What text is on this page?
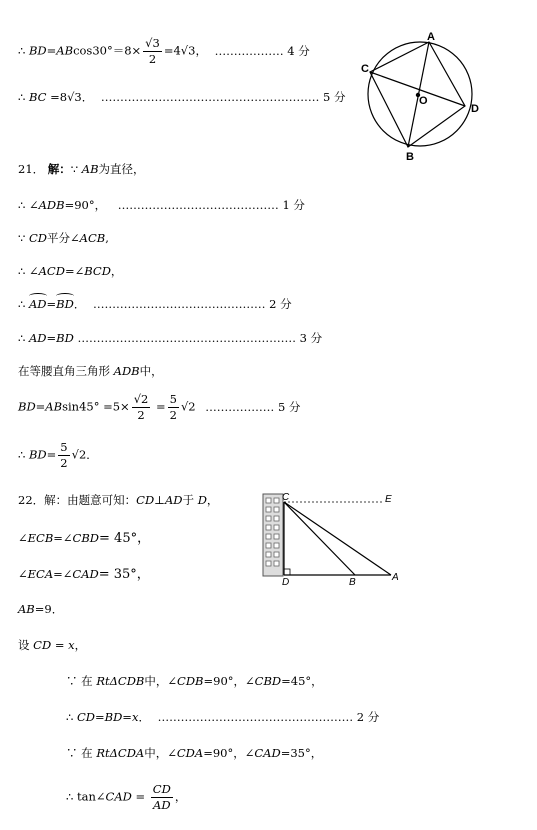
∴ $BD=ABcos30^\circ=8\times \frac{√3}{2} =4√3$， ……………… 4 分
∴ BC =8√3． ………………………………………………… 5 分
A
C
O
D
B
21． 解：∵ AB为直径，
∴ ∠ADB=90°， …………………………………… 1 分
∵ CD平分∠ACB,
∴ ∠ACD=∠BCD，
∴ AD=BD． ……………………………………… 2 分
∴ AD=BD ………………………………………………… 3 分
在等腰直角三角形 ADB中，
$BD=ABsin45^\circ =5\times \frac{√2}{2} = \frac{5}{2} √2$ ……………… 5 分
∴ $BD= \frac{5}{2} √2$．
22．解：由题意可知：CD⊥AD于 D，
∠ECB=∠CBD= 45°，
∠ECA=∠CAD= 35°，
AB=9．
设 CD = x，
∵ 在 RtΔCDB中，∠CDB=90°，∠CBD=45°，
∴ CD=BD=x． …………………………………………… 2 分
∵ 在 RtΔCDA中，∠CDA=90°，∠CAD=35°，
∴ tan∠CAD = $\frac{CD}{AD}$ ，
C	E
D	B	A
